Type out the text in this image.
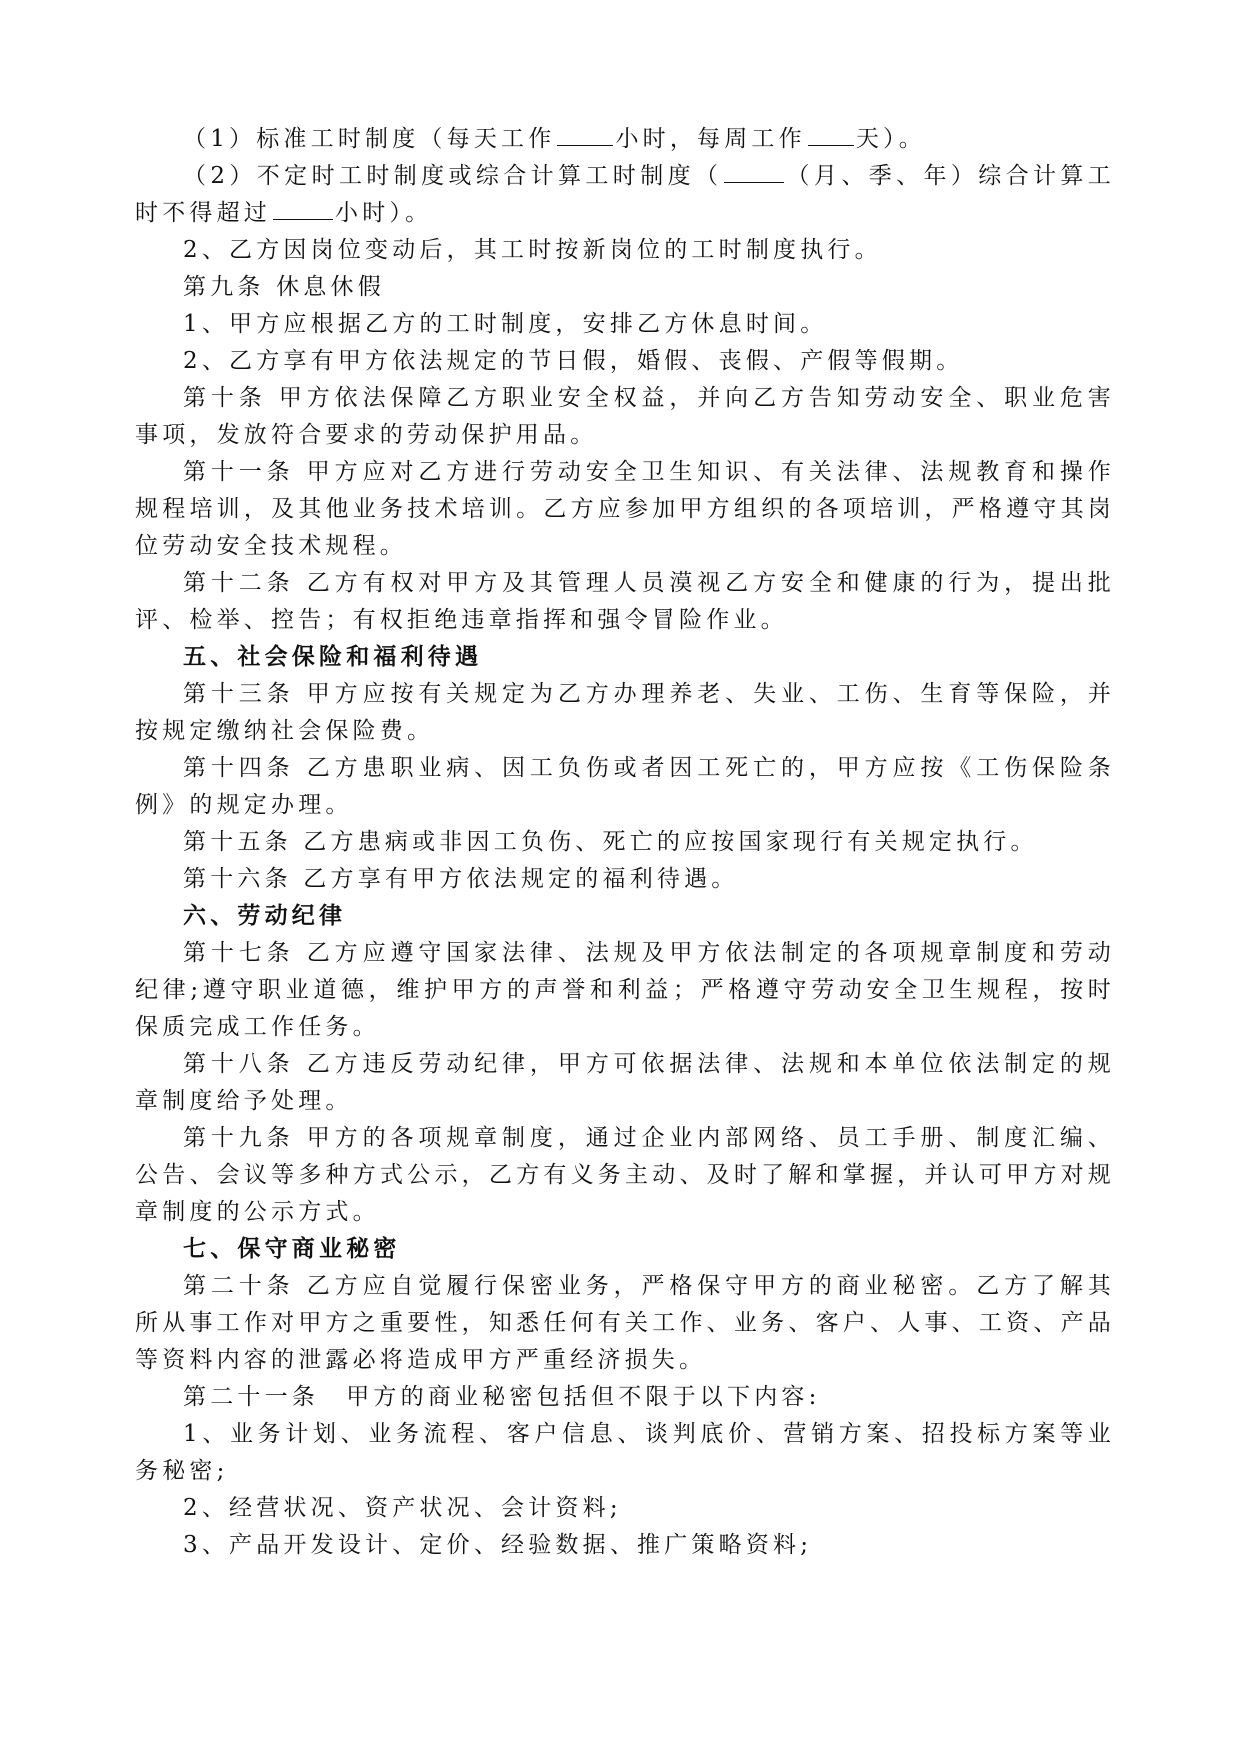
（1）标准工时制度（每天工作	小时，每周工作 天）。

（2）不定时工时制度或综合计算工时制度（	（月、季、年）综合计算工时不得超过	小时）。

2、乙方因岗位变动后，其工时按新岗位的工时制度执行。

第九条 休息休假

1、甲方应根据乙方的工时制度，安排乙方休息时间。

2、乙方享有甲方依法规定的节日假，婚假、丧假、产假等假期。

第十条 甲方依法保障乙方职业安全权益，并向乙方告知劳动安全、职业危害事项，发放符合要求的劳动保护用品。

第十一条 甲方应对乙方进行劳动安全卫生知识、有关法律、法规教育和操作规程培训，及其他业务技术培训。乙方应参加甲方组织的各项培训，严格遵守其岗位劳动安全技术规程。

第十二条 乙方有权对甲方及其管理人员漠视乙方安全和健康的行为，提出批评、检举、控告；有权拒绝违章指挥和强令冒险作业。

五、社会保险和福利待遇

第十三条 甲方应按有关规定为乙方办理养老、失业、工伤、生育等保险，并按规定缴纳社会保险费。

第十四条 乙方患职业病、因工负伤或者因工死亡的，甲方应按《工伤保险条例》的规定办理。

第十五条 乙方患病或非因工负伤、死亡的应按国家现行有关规定执行。

第十六条 乙方享有甲方依法规定的福利待遇。

六、劳动纪律

第十七条 乙方应遵守国家法律、法规及甲方依法制定的各项规章制度和劳动纪律;遵守职业道德，维护甲方的声誉和利益；严格遵守劳动安全卫生规程，按时保质完成工作任务。

第十八条 乙方违反劳动纪律，甲方可依据法律、法规和本单位依法制定的规章制度给予处理。

第十九条 甲方的各项规章制度，通过企业内部网络、员工手册、制度汇编、公告、会议等多种方式公示，乙方有义务主动、及时了解和掌握，并认可甲方对规章制度的公示方式。

七、保守商业秘密

第二十条 乙方应自觉履行保密业务，严格保守甲方的商业秘密。乙方了解其所从事工作对甲方之重要性，知悉任何有关工作、业务、客户、人事、工资、产品等资料内容的泄露必将造成甲方严重经济损失。

第二十一条　甲方的商业秘密包括但不限于以下内容:

1、业务计划、业务流程、客户信息、谈判底价、营销方案、招投标方案等业务秘密;

2、经营状况、资产状况、会计资料;

3、产品开发设计、定价、经验数据、推广策略资料;
